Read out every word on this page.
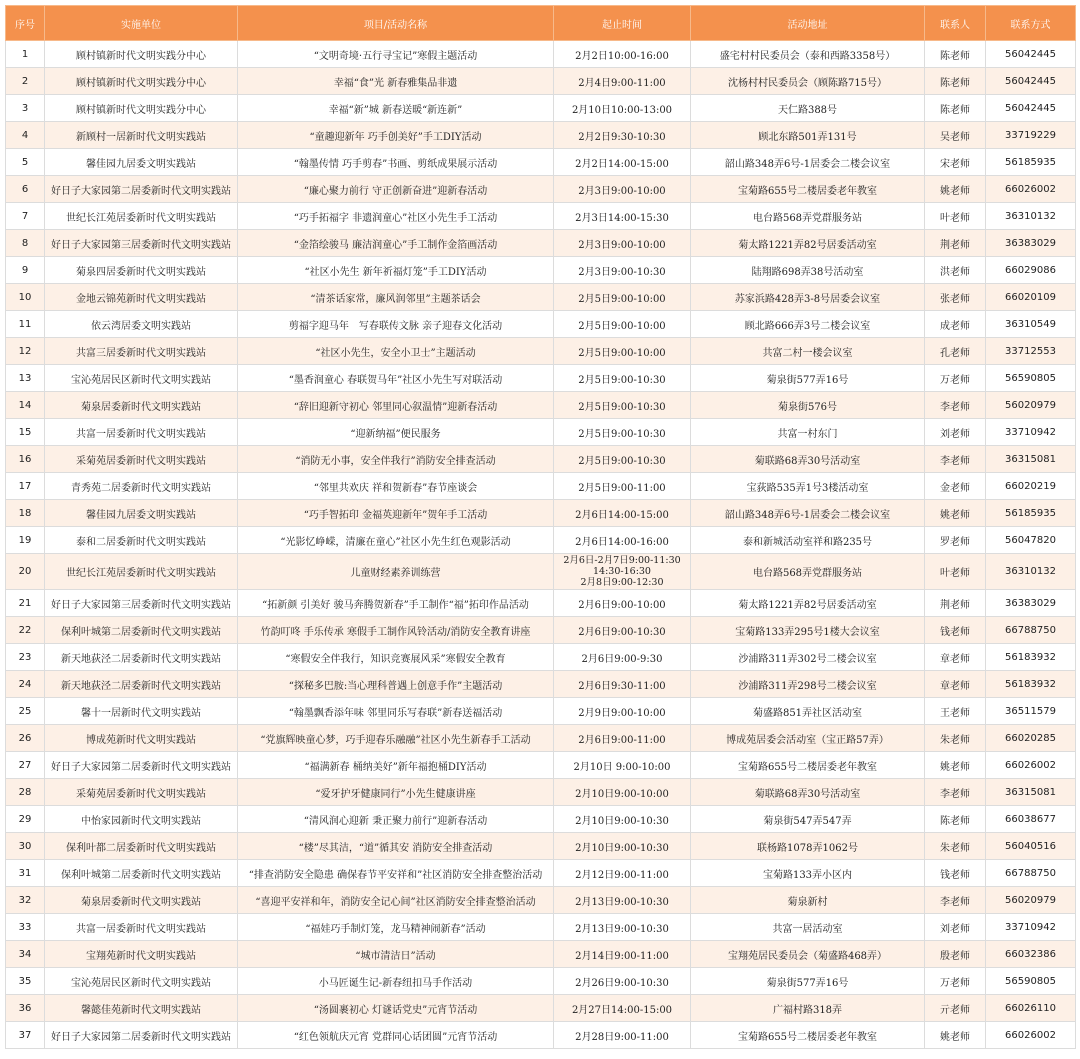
序号	实施单位	项目/活动名称	起止时间	活动地址	联系人	联系方式
1	顾村镇新时代文明实践分中心	“文明奇境·五行寻宝记”寒假主题活动	2月2日10:00-16:00	盛宅村村民委员会（泰和西路3358号）	陈老师	56042445
2	顾村镇新时代文明实践分中心	幸福“食”光 新春雅集品非遗	2月4日9:00-11:00	沈杨村村民委员会（顾陈路715号）	陈老师	56042445
3	顾村镇新时代文明实践分中心	幸福“新”城 新春送暖“新连新”	2月10日10:00-13:00	天仁路388号	陈老师	56042445
4	新顾村一居新时代文明实践站	“童趣迎新年 巧手创美好”手工DIY活动	2月2日9:30-10:30	顾北东路501弄131号	吴老师	33719229
5	馨佳园九居委文明实践站	“翰墨传情 巧手剪春”书画、剪纸成果展示活动	2月2日14:00-15:00	韶山路348弄6号-1居委会二楼会议室	宋老师	56185935
6	好日子大家园第二居委新时代文明实践站	“廉心聚力前行 守正创新奋进”迎新春活动	2月3日9:00-10:00	宝菊路655号二楼居委老年教室	姚老师	66026002
7	世纪长江苑居委新时代文明实践站	“巧手拓福字 非遗润童心”社区小先生手工活动	2月3日14:00-15:30	电台路568弄党群服务站	叶老师	36310132
8	好日子大家园第三居委新时代文明实践站	“金箔绘骏马 廉洁润童心”手工制作金箔画活动	2月3日9:00-10:00	菊太路1221弄82号居委活动室	荆老师	36383029
9	菊泉四居委新时代文明实践站	“社区小先生 新年祈福灯笼”手工DIY活动	2月3日9:00-10:30	陆翔路698弄38号活动室	洪老师	66029086
10	金地云锦苑新时代文明实践站	“清茶话家常，廉风润邻里”主题茶话会	2月5日9:00-10:00	苏家浜路428弄3-8号居委会议室	张老师	66020109
11	依云湾居委文明实践站	剪福字迎马年　写春联传文脉 亲子迎春文化活动	2月5日9:00-10:00	顾北路666弄3号二楼会议室	成老师	36310549
12	共富三居委新时代文明实践站	“社区小先生，安全小卫士”主题活动	2月5日9:00-10:00	共富二村一楼会议室	孔老师	33712553
13	宝沁苑居民区新时代文明实践站	“墨香润童心 春联贺马年”社区小先生写对联活动	2月5日9:00-10:30	菊泉街577弄16号	万老师	56590805
14	菊泉居委新时代文明实践站	“辞旧迎新守初心 邻里同心叙温情”迎新春活动	2月5日9:00-10:30	菊泉街576号	李老师	56020979
15	共富一居委新时代文明实践站	“迎新纳福”便民服务	2月5日9:00-10:30	共富一村东门	刘老师	33710942
16	采菊苑居委新时代文明实践站	“消防无小事，安全伴我行”消防安全排查活动	2月5日9:00-10:30	菊联路68弄30号活动室	李老师	36315081
17	青秀苑二居委新时代文明实践站	“邻里共欢庆 祥和贺新春”春节座谈会	2月5日9:00-11:00	宝荻路535弄1号3楼活动室	金老师	66020219
18	馨佳园九居委文明实践站	“巧手智拓印 金福英迎新年”贺年手工活动	2月6日14:00-15:00	韶山路348弄6号-1居委会二楼会议室	姚老师	56185935
19	泰和二居委新时代文明实践站	“光影忆峥嵘，清廉在童心”社区小先生红色观影活动	2月6日14:00-16:00	泰和新城活动室祥和路235号	罗老师	56047820
20	世纪长江苑居委新时代文明实践站	儿童财经素养训练营	2月6日-2月7日9:00-11:30
14:30-16:30
2月8日9:00-12:30	电台路568弄党群服务站	叶老师	36310132
21	好日子大家园第三居委新时代文明实践站	“拓新颜 引美好 骏马奔腾贺新春”手工制作“福”拓印作品活动	2月6日9:00-10:00	菊太路1221弄82号居委活动室	荆老师	36383029
22	保利叶城第二居委新时代文明实践站	竹韵叮咚 手乐传承 寒假手工制作风铃活动/消防安全教育讲座	2月6日9:00-10:30	宝菊路133弄295号1楼大会议室	钱老师	66788750
23	新天地荻泾二居委新时代文明实践站	“寒假安全伴我行，知识竞赛展风采”寒假安全教育	2月6日9:00-9:30	沙浦路311弄302号二楼会议室	章老师	56183932
24	新天地荻泾二居委新时代文明实践站	“探秘多巴胺:当心理科普遇上创意手作”主题活动	2月6日9:30-11:00	沙浦路311弄298号二楼会议室	章老师	56183932
25	馨十一居新时代文明实践站	“翰墨飘香添年味 邻里同乐写春联”新春送福活动	2月9日9:00-10:00	菊盛路851弄社区活动室	王老师	36511579
26	博成苑新时代文明实践站	“党旗辉映童心梦，巧手迎春乐融融”社区小先生新春手工活动	2月6日9:00-11:00	博成苑居委会活动室（宝正路57弄）	朱老师	66020285
27	好日子大家园第二居委新时代文明实践站	“福满新春 桶纳美好”新年福抱桶DIY活动	2月10日 9:00-10:00	宝菊路655号二楼居委老年教室	姚老师	66026002
28	采菊苑居委新时代文明实践站	“爱牙护牙健康同行”小先生健康讲座	2月10日9:00-10:00	菊联路68弄30号活动室	李老师	36315081
29	中怡家园新时代文明实践站	“清风润心迎新 秉正聚力前行”迎新春活动	2月10日9:00-10:30	菊泉街547弄547弄	陈老师	66038677
30	保利叶都二居委新时代文明实践站	“楼”尽其洁，“道”循其安 消防安全排查活动	2月10日9:00-10:30	联杨路1078弄1062号	朱老师	56040516
31	保利叶城第二居委新时代文明实践站	“排查消防安全隐患 确保春节平安祥和”社区消防安全排查整治活动	2月12日9:00-11:00	宝菊路133弄小区内	钱老师	66788750
32	菊泉居委新时代文明实践站	“喜迎平安祥和年，消防安全记心间”社区消防安全排查整治活动	2月13日9:00-10:30	菊泉新村	李老师	56020979
33	共富一居委新时代文明实践站	“福娃巧手制灯笼，龙马精神闹新春”活动	2月13日9:00-10:30	共富一居活动室	刘老师	33710942
34	宝翔苑新时代文明实践站	“城市清洁日”活动	2月14日9:00-11:00	宝翔苑居民委员会（菊盛路468弄）	殷老师	66032386
35	宝沁苑居民区新时代文明实践站	小马匠诞生记-新春纽扣马手作活动	2月26日9:00-10:30	菊泉街577弄16号	万老师	56590805
36	馨懿佳苑新时代文明实践站	“汤圆裹初心 灯谜话党史”元宵节活动	2月27日14:00-15:00	广福村路318弄	亓老师	66026110
37	好日子大家园第二居委新时代文明实践站	“红色领航庆元宵 党群同心话团圆”元宵节活动	2月28日9:00-11:00	宝菊路655号二楼居委老年教室	姚老师	66026002
